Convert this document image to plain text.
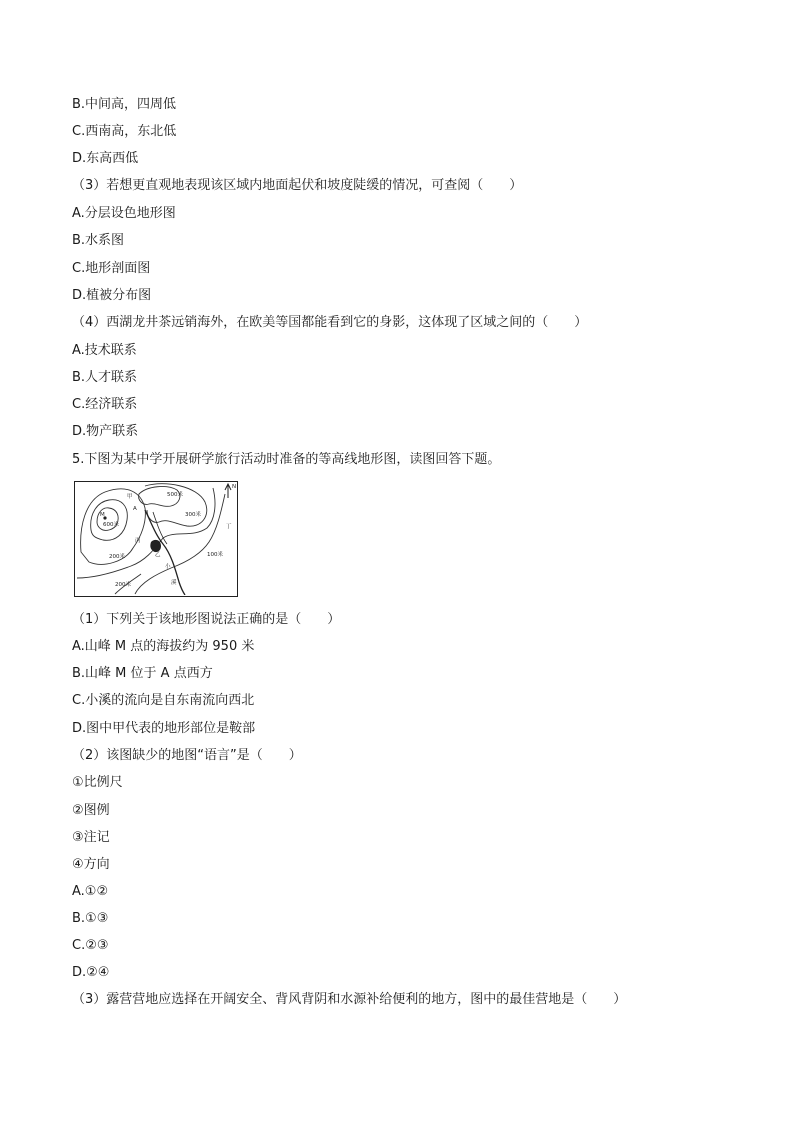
B.中间高，四周低
C.西南高，东北低
D.东高西低
（3）若想更直观地表现该区域内地面起伏和坡度陡缓的情况，可查阅（　　）
A.分层设色地形图
B.水系图
C.地形剖面图
D.植被分布图
（4）西湖龙井茶远销海外，在欧美等国都能看到它的身影，这体现了区域之间的（　　）
A.技术联系
B.人才联系
C.经济联系
D.物产联系
5.下图为某中学开展研学旅行活动时准备的等高线地形图，读图回答下题。
甲
A
M
600米
500米
300米
200米
200米
100米
丁
丙
乙
小
溪
N
（1）下列关于该地形图说法正确的是（　　）
A.山峰 M 点的海拔约为 950 米
B.山峰 M 位于 A 点西方
C.小溪的流向是自东南流向西北
D.图中甲代表的地形部位是鞍部
（2）该图缺少的地图“语言”是（　　）
①比例尺
②图例
③注记
④方向
A.①②
B.①③
C.②③
D.②④
（3）露营营地应选择在开阔安全、背风背阴和水源补给便利的地方，图中的最佳营地是（　　）
